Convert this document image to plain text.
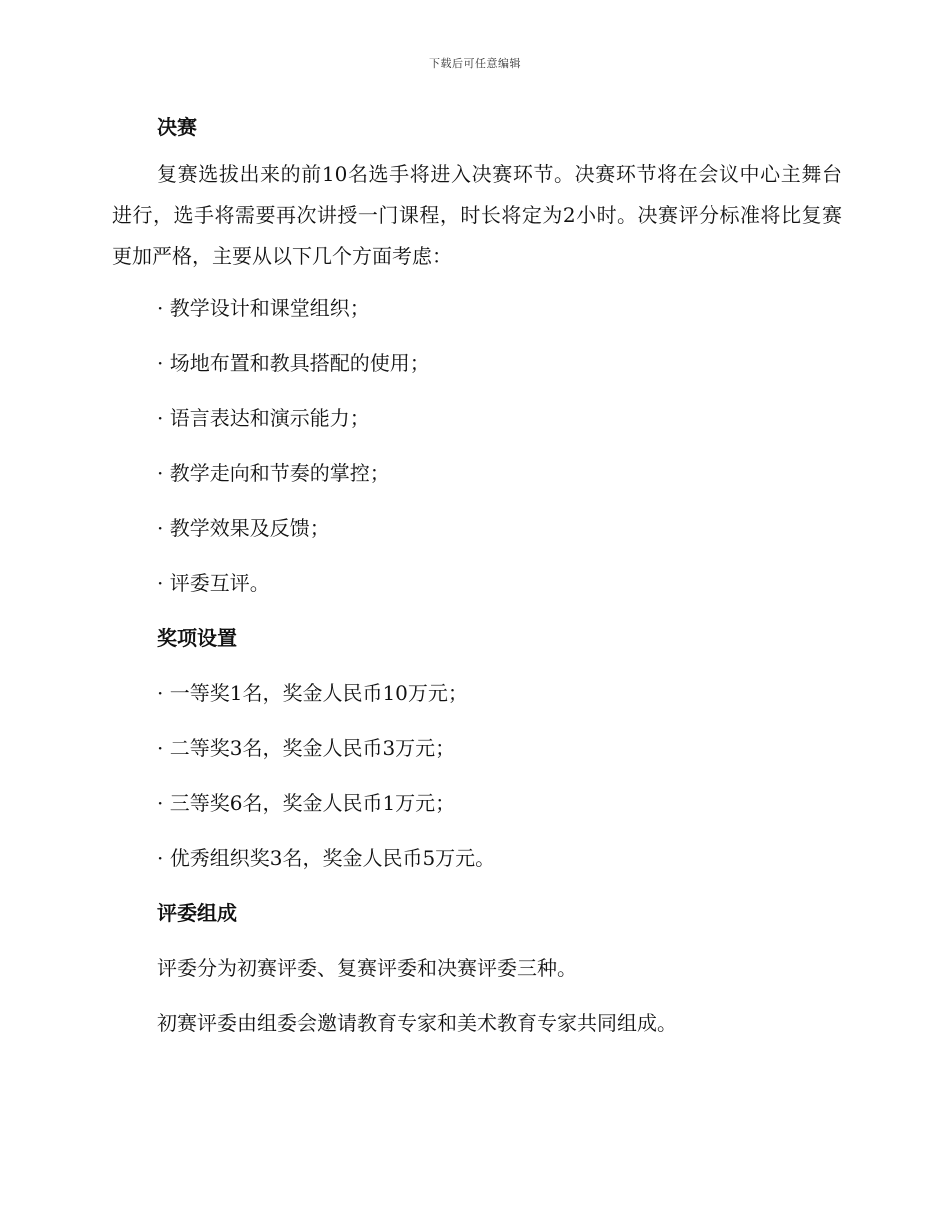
下载后可任意编辑
决赛

复赛选拔出来的前10名选手将进入决赛环节。决赛环节将在会议中心主舞台进行，选手将需要再次讲授一门课程，时长将定为2小时。决赛评分标准将比复赛更加严格，主要从以下几个方面考虑：

· 教学设计和课堂组织；
· 场地布置和教具搭配的使用；
· 语言表达和演示能力；
· 教学走向和节奏的掌控；
· 教学效果及反馈；
· 评委互评。
奖项设置
· 一等奖1名，奖金人民币10万元；
· 二等奖3名，奖金人民币3万元；
· 三等奖6名，奖金人民币1万元；
· 优秀组织奖3名，奖金人民币5万元。
评委组成

评委分为初赛评委、复赛评委和决赛评委三种。

初赛评委由组委会邀请教育专家和美术教育专家共同组成。
